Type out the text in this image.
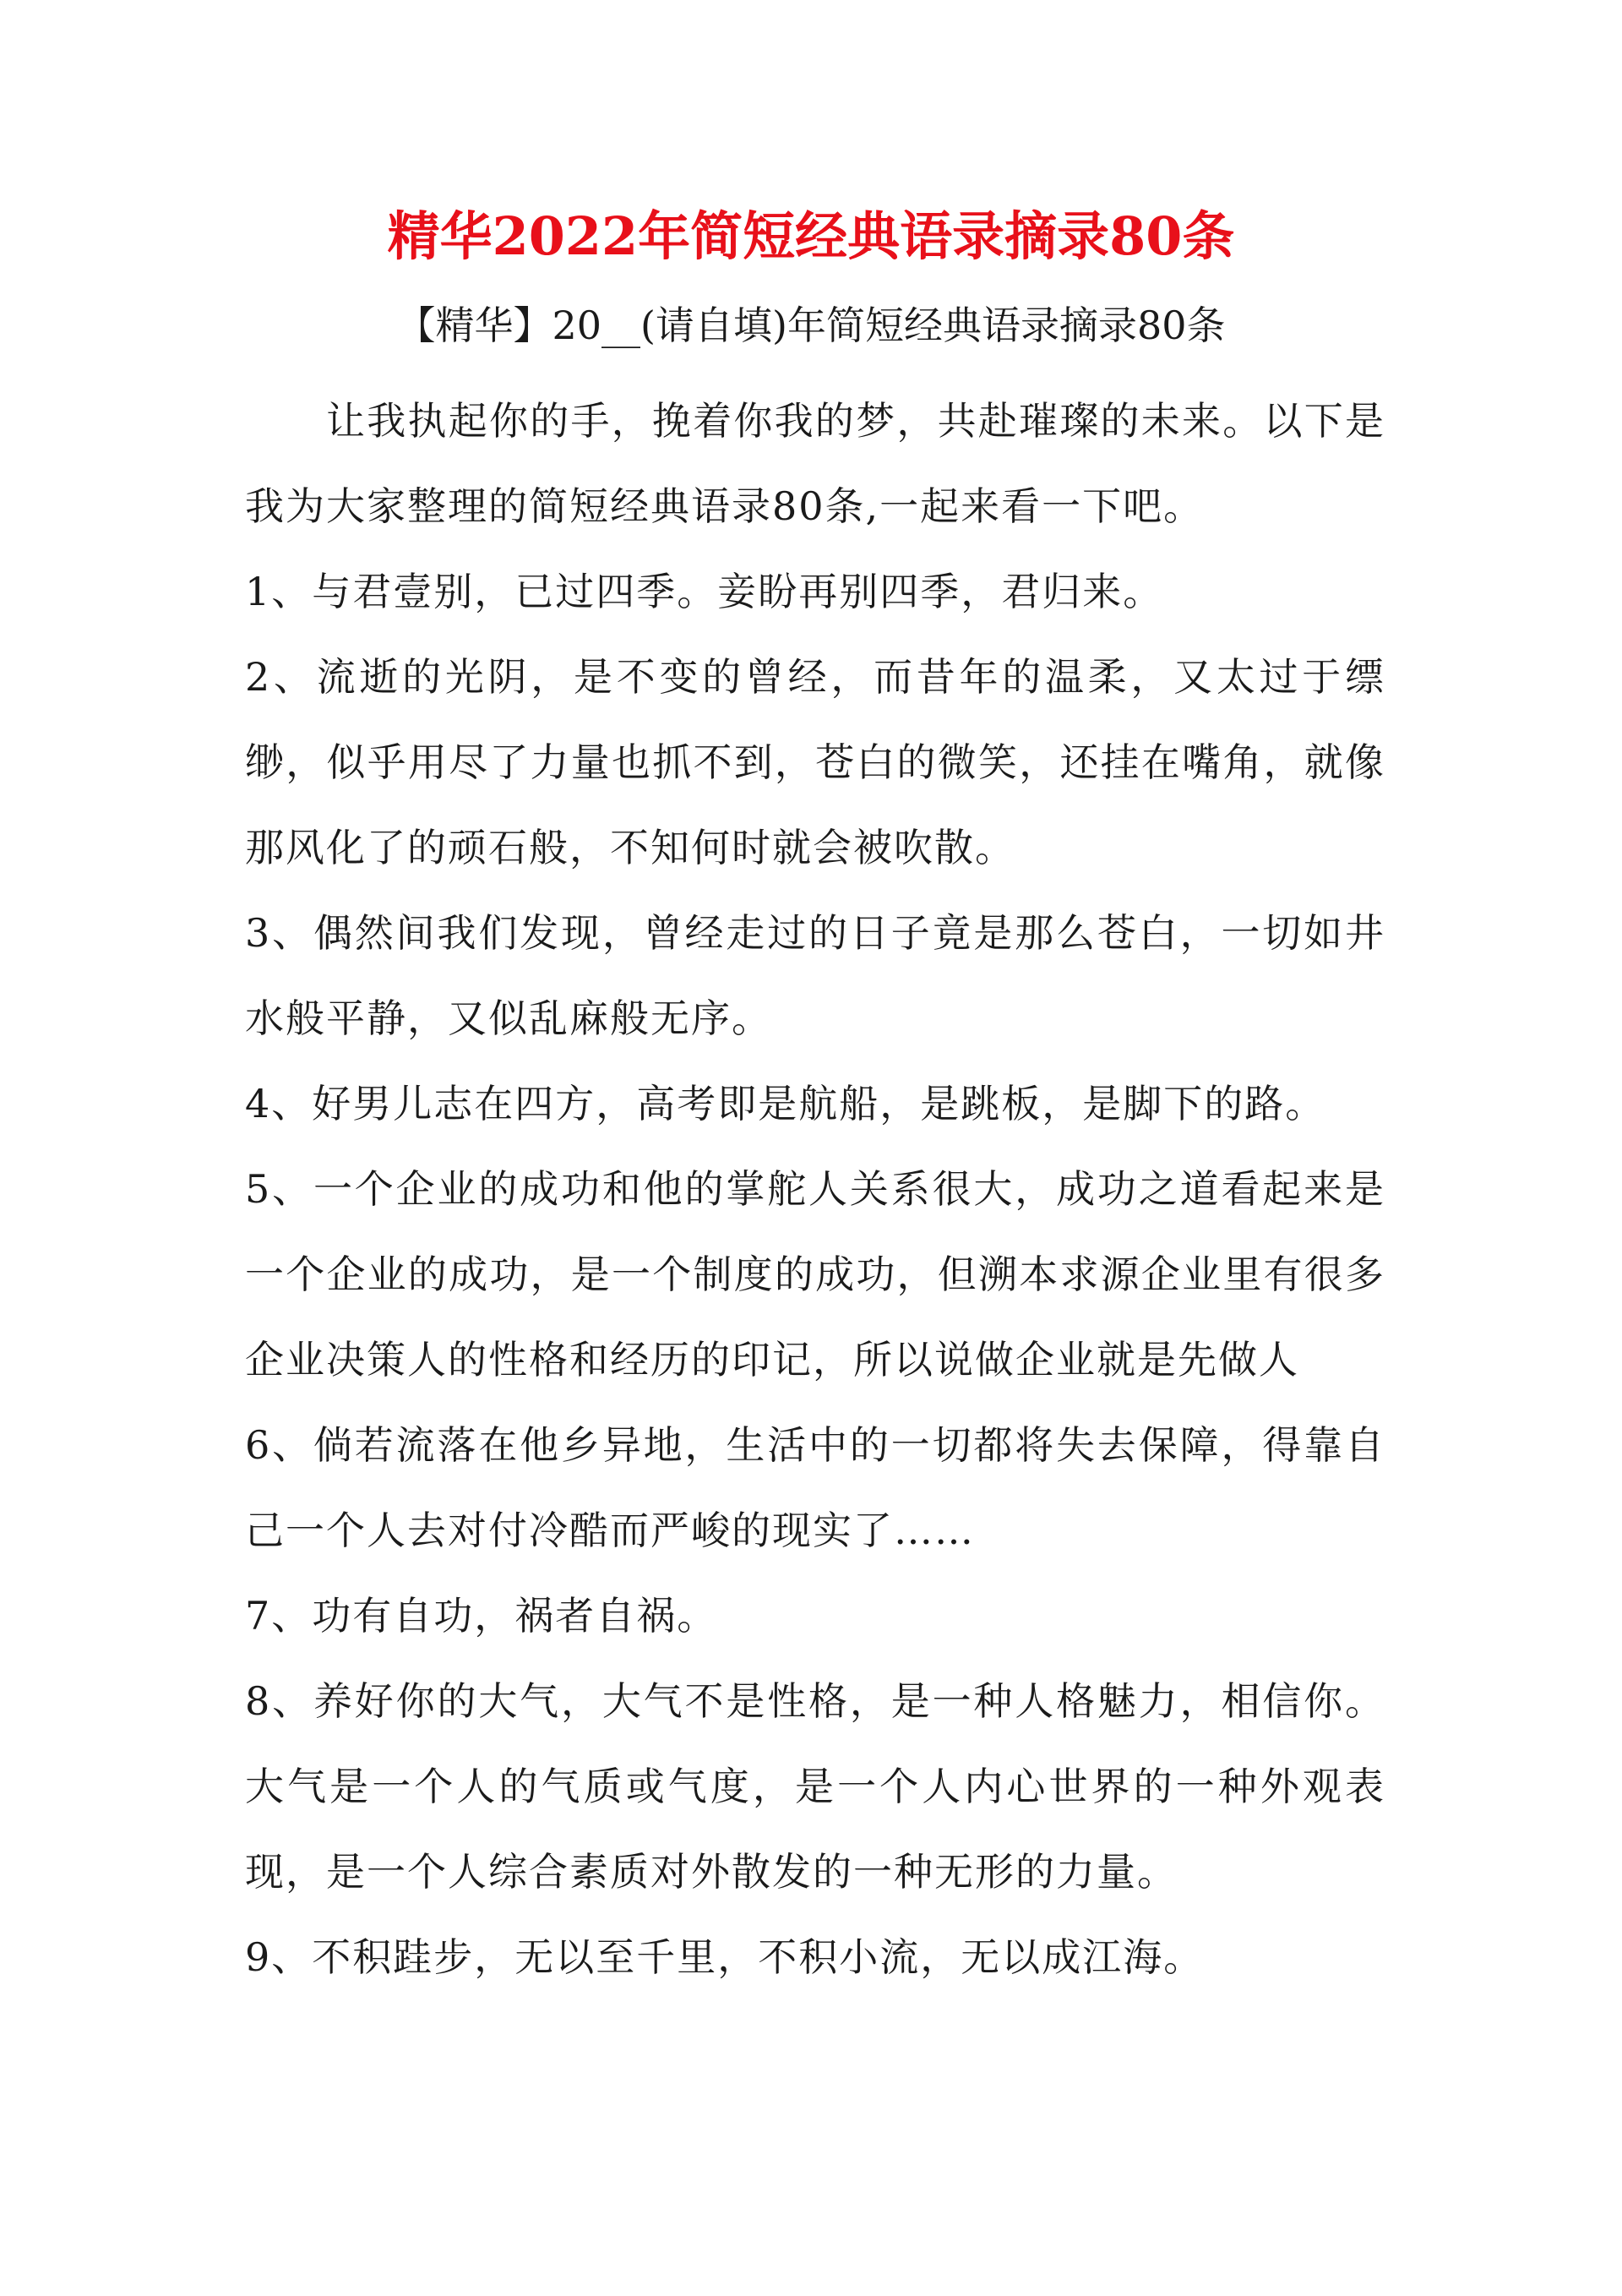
精华2022年简短经典语录摘录80条
【精华】20__(请自填)年简短经典语录摘录80条

让我执起你的手，挽着你我的梦，共赴璀璨的未来。以下是我为大家整理的简短经典语录80条,一起来看一下吧。

1、与君壹别，已过四季。妾盼再别四季，君归来。

2、流逝的光阴，是不变的曾经，而昔年的温柔，又太过于缥缈，似乎用尽了力量也抓不到，苍白的微笑，还挂在嘴角，就像那风化了的顽石般，不知何时就会被吹散。

3、偶然间我们发现，曾经走过的日子竟是那么苍白，一切如井水般平静，又似乱麻般无序。

4、好男儿志在四方，高考即是航船，是跳板，是脚下的路。

5、一个企业的成功和他的掌舵人关系很大，成功之道看起来是一个企业的成功，是一个制度的成功，但溯本求源企业里有很多企业决策人的性格和经历的印记，所以说做企业就是先做人

6、倘若流落在他乡异地，生活中的一切都将失去保障，得靠自己一个人去对付冷酷而严峻的现实了……

7、功有自功，祸者自祸。

8、养好你的大气，大气不是性格，是一种人格魅力，相信你。大气是一个人的气质或气度，是一个人内心世界的一种外观表现，是一个人综合素质对外散发的一种无形的力量。

9、不积跬步，无以至千里，不积小流，无以成江海。
